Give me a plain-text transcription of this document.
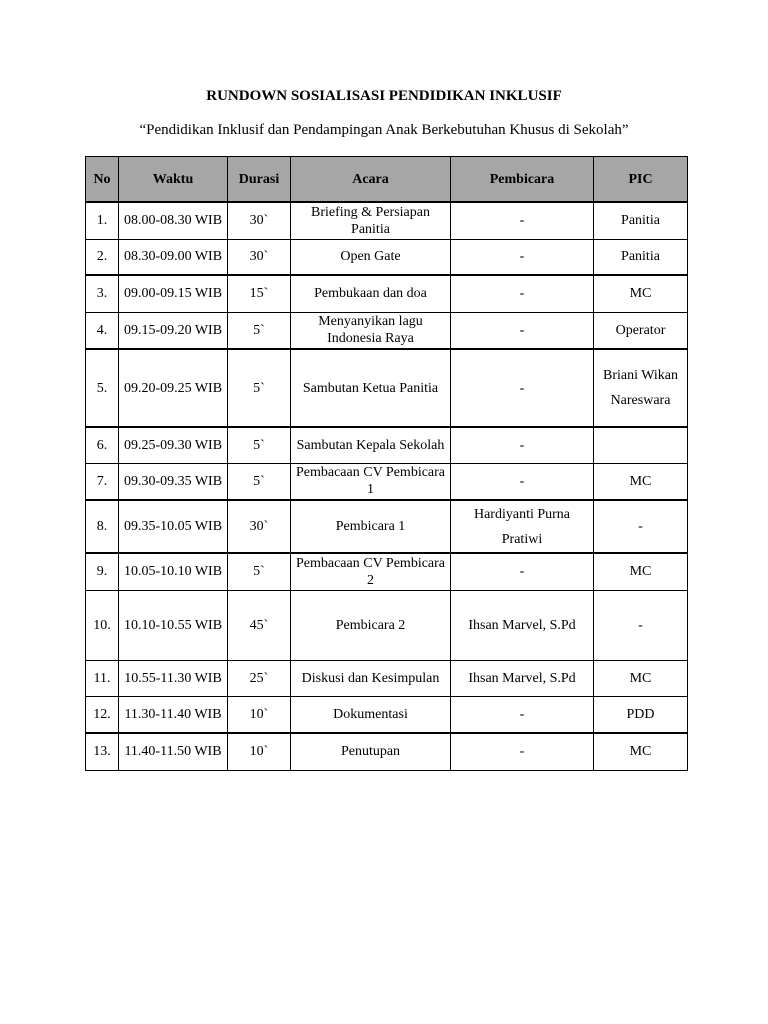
RUNDOWN SOSIALISASI PENDIDIKAN INKLUSIF
“Pendidikan Inklusif dan Pendampingan Anak Berkebutuhan Khusus di Sekolah”
No	Waktu	Durasi	Acara	Pembicara	PIC
1.	08.00-08.30 WIB	30`	Briefing & Persiapan Panitia	-	Panitia
2.	08.30-09.00 WIB	30`	Open Gate	-	Panitia
3.	09.00-09.15 WIB	15`	Pembukaan dan doa	-	MC
4.	09.15-09.20 WIB	5`	Menyanyikan lagu Indonesia Raya	-	Operator
5.	09.20-09.25 WIB	5`	Sambutan Ketua Panitia	-	Briani Wikan Nareswara
6.	09.25-09.30 WIB	5`	Sambutan Kepala Sekolah	-	
7.	09.30-09.35 WIB	5`	Pembacaan CV Pembicara 1	-	MC
8.	09.35-10.05 WIB	30`	Pembicara 1	Hardiyanti Purna Pratiwi	-
9.	10.05-10.10 WIB	5`	Pembacaan CV Pembicara 2	-	MC
10.	10.10-10.55 WIB	45`	Pembicara 2	Ihsan Marvel, S.Pd	-
11.	10.55-11.30 WIB	25`	Diskusi dan Kesimpulan	Ihsan Marvel, S.Pd	MC
12.	11.30-11.40 WIB	10`	Dokumentasi	-	PDD
13.	11.40-11.50 WIB	10`	Penutupan	-	MC
